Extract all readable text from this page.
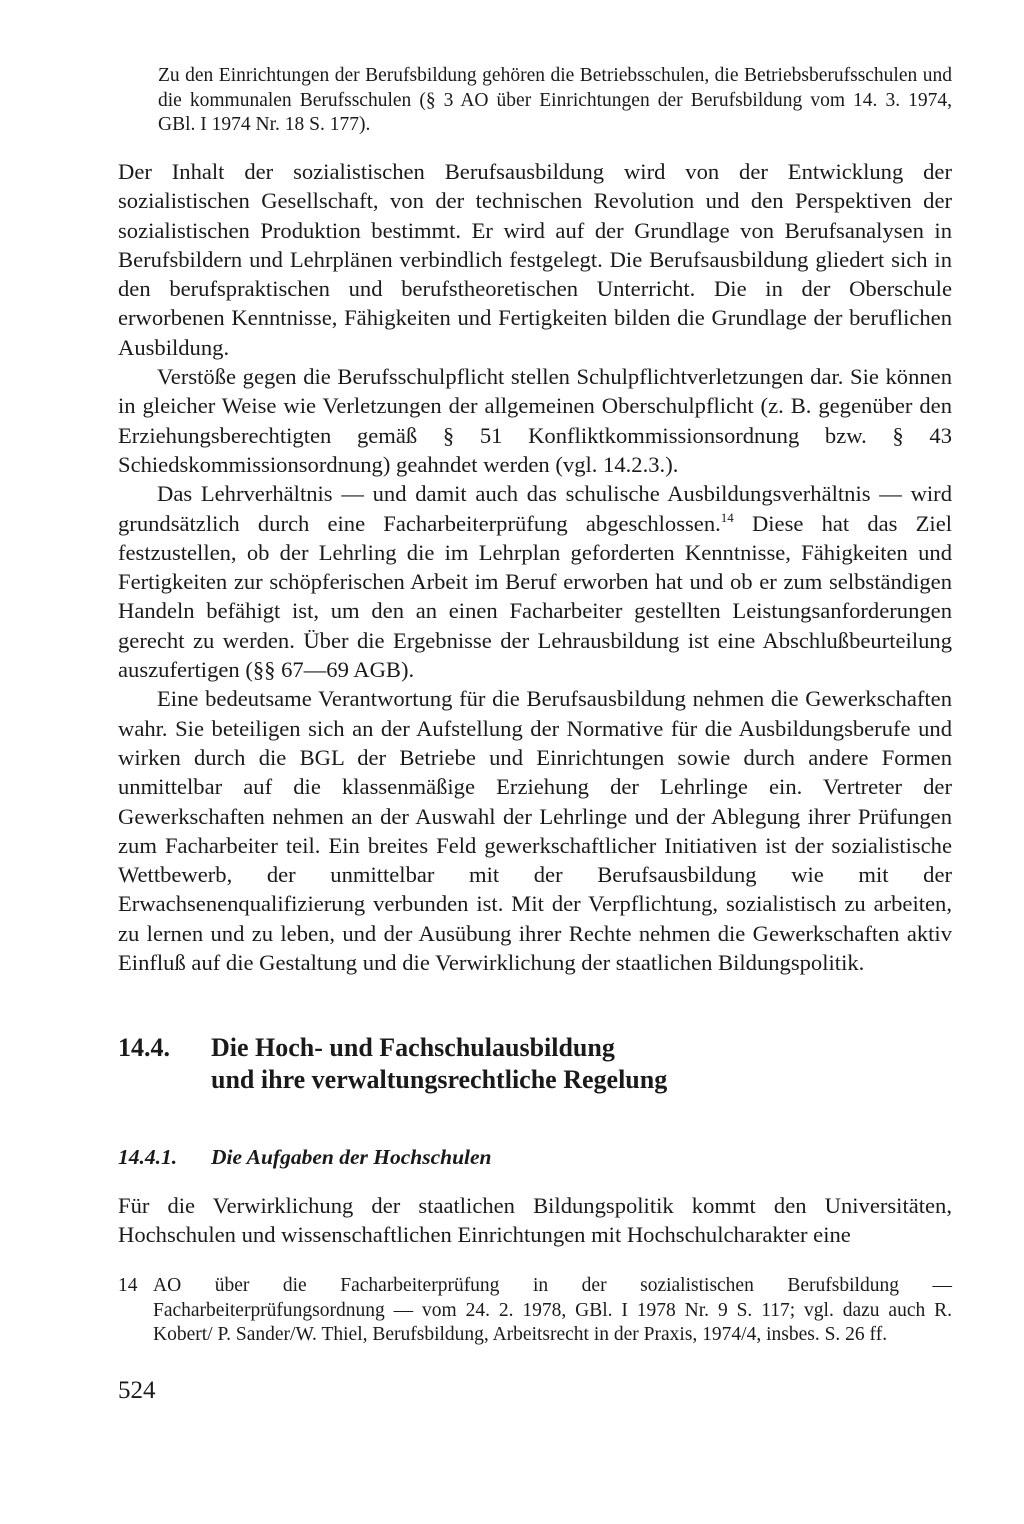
Zu den Einrichtungen der Berufsbildung gehören die Betriebsschulen, die Betriebsberufsschulen und die kommunalen Berufsschulen (§ 3 AO über Einrichtungen der Berufsbildung vom 14. 3. 1974, GBl. I 1974 Nr. 18 S. 177).

Der Inhalt der sozialistischen Berufsausbildung wird von der Entwicklung der sozialistischen Gesellschaft, von der technischen Revolution und den Perspektiven der sozialistischen Produktion bestimmt. Er wird auf der Grundlage von Berufsanalysen in Berufsbildern und Lehrplänen verbindlich festgelegt. Die Berufsausbildung gliedert sich in den berufspraktischen und berufstheoretischen Unterricht. Die in der Oberschule erworbenen Kenntnisse, Fähigkeiten und Fertigkeiten bilden die Grundlage der beruflichen Ausbildung.

Verstöße gegen die Berufsschulpflicht stellen Schulpflichtverletzungen dar. Sie können in gleicher Weise wie Verletzungen der allgemeinen Oberschulpflicht (z. B. gegenüber den Erziehungsberechtigten gemäß § 51 Konfliktkommissionsordnung bzw. § 43 Schiedskommissionsordnung) geahndet werden (vgl. 14.2.3.).

Das Lehrverhältnis — und damit auch das schulische Ausbildungsverhältnis — wird grundsätzlich durch eine Facharbeiterprüfung abgeschlossen.$^{14}$ Diese hat das Ziel festzustellen, ob der Lehrling die im Lehrplan geforderten Kenntnisse, Fähigkeiten und Fertigkeiten zur schöpferischen Arbeit im Beruf erworben hat und ob er zum selbständigen Handeln befähigt ist, um den an einen Facharbeiter gestellten Leistungsanforderungen gerecht zu werden. Über die Ergebnisse der Lehrausbildung ist eine Abschlußbeurteilung auszufertigen (§§ 67—69 AGB).

Eine bedeutsame Verantwortung für die Berufsausbildung nehmen die Gewerkschaften wahr. Sie beteiligen sich an der Aufstellung der Normative für die Ausbildungsberufe und wirken durch die BGL der Betriebe und Einrichtungen sowie durch andere Formen unmittelbar auf die klassenmäßige Erziehung der Lehrlinge ein. Vertreter der Gewerkschaften nehmen an der Auswahl der Lehrlinge und der Ablegung ihrer Prüfungen zum Facharbeiter teil. Ein breites Feld gewerkschaftlicher Initiativen ist der sozialistische Wettbewerb, der unmittelbar mit der Berufsausbildung wie mit der Erwachsenenqualifizierung verbunden ist. Mit der Verpflichtung, sozialistisch zu arbeiten, zu lernen und zu leben, und der Ausübung ihrer Rechte nehmen die Gewerkschaften aktiv Einfluß auf die Gestaltung und die Verwirklichung der staatlichen Bildungspolitik.

14.4. Die Hoch- und Fachschulausbildung
und ihre verwaltungsrechtliche Regelung
14.4.1. Die Aufgaben der Hochschulen

Für die Verwirklichung der staatlichen Bildungspolitik kommt den Universitäten, Hochschulen und wissenschaftlichen Einrichtungen mit Hochschulcharakter eine

14 AO über die Facharbeiterprüfung in der sozialistischen Berufsbildung — Facharbeiterprüfungsordnung — vom 24. 2. 1978, GBl. I 1978 Nr. 9 S. 117; vgl. dazu auch R. Kobert/ P. Sander/W. Thiel, Berufsbildung, Arbeitsrecht in der Praxis, 1974/4, insbes. S. 26 ff.

524
